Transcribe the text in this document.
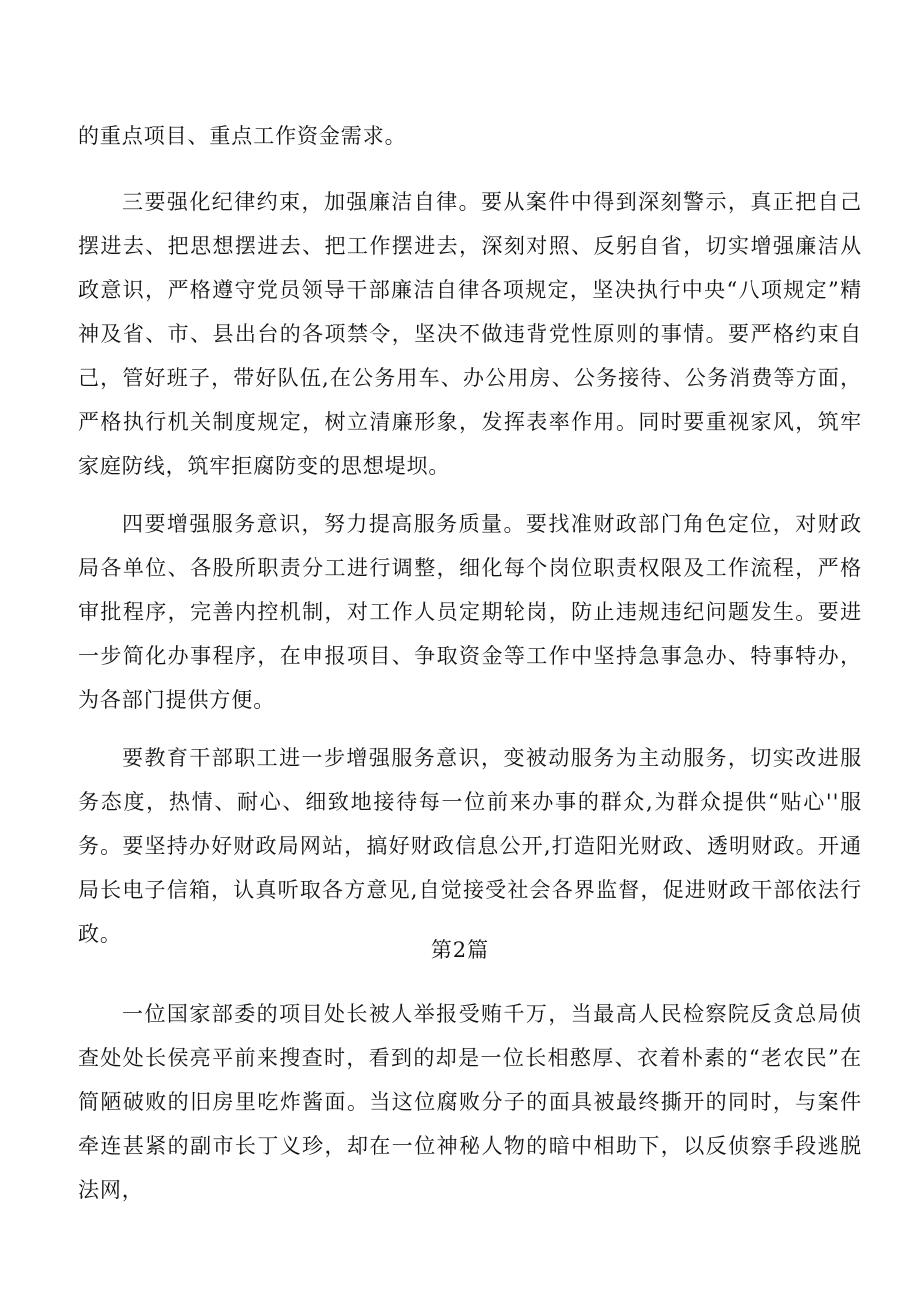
的重点项目、重点工作资金需求。

三要强化纪律约束，加强廉洁自律。要从案件中得到深刻警示，真正把自己摆进去、把思想摆进去、把工作摆进去，深刻对照、反躬自省，切实增强廉洁从政意识，严格遵守党员领导干部廉洁自律各项规定，坚决执行中央“八项规定”精神及省、市、县出台的各项禁令，坚决不做违背党性原则的事情。要严格约束自己，管好班子，带好队伍,在公务用车、办公用房、公务接待、公务消费等方面，严格执行机关制度规定，树立清廉形象，发挥表率作用。同时要重视家风，筑牢家庭防线，筑牢拒腐防变的思想堤坝。

四要增强服务意识，努力提高服务质量。要找准财政部门角色定位，对财政局各单位、各股所职责分工进行调整，细化每个岗位职责权限及工作流程，严格审批程序，完善内控机制，对工作人员定期轮岗，防止违规违纪问题发生。要进一步简化办事程序，在申报项目、争取资金等工作中坚持急事急办、特事特办，为各部门提供方便。

要教育干部职工进一步增强服务意识，变被动服务为主动服务，切实改进服务态度，热情、耐心、细致地接待每一位前来办事的群众,为群众提供“贴心''服务。要坚持办好财政局网站，搞好财政信息公开,打造阳光财政、透明财政。开通局长电子信箱，认真听取各方意见,自觉接受社会各界监督，促进财政干部依法行政。

第2篇

一位国家部委的项目处长被人举报受贿千万，当最高人民检察院反贪总局侦查处处长侯亮平前来搜查时，看到的却是一位长相憨厚、衣着朴素的“老农民”在简陋破败的旧房里吃炸酱面。当这位腐败分子的面具被最终撕开的同时，与案件牵连甚紧的副市长丁义珍，却在一位神秘人物的暗中相助下，以反侦察手段逃脱法网，
